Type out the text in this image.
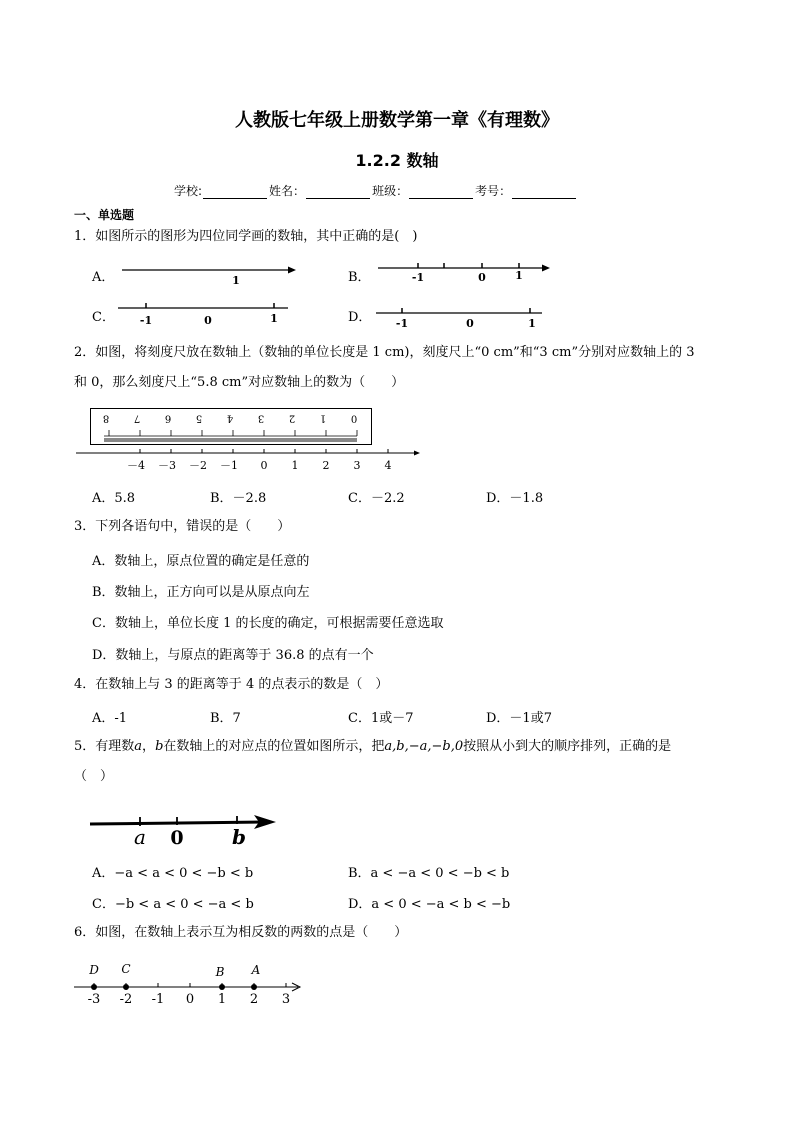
人教版七年级上册数学第一章《有理数》
1.2.2 数轴
学校:	姓名：	班级：	考号：
一、单选题
1．如图所示的图形为四位同学画的数轴，其中正确的是(　)
A．	1	B．	-1	0	1
C． -1	0	1	D． -1	0	1
2．如图，将刻度尺放在数轴上（数轴的单位长度是 1 cm)，刻度尺上“0 cm”和“3 cm”分别对应数轴上的 3
和 0，那么刻度尺上“5.8 cm”对应数轴上的数为（　　）
8 7 6 5 4 3 2 1 0
－4 －3 －2 －1 0 1 2 3 4
A．5.8	B．－2.8	C．－2.2	D．－1.8
3．下列各语句中，错误的是（　　）
A．数轴上，原点位置的确定是任意的
B．数轴上，正方向可以是从原点向左
C．数轴上，单位长度 1 的长度的确定，可根据需要任意选取
D．数轴上，与原点的距离等于 36.8 的点有一个
4．在数轴上与 3 的距离等于 4 的点表示的数是（　）
A．-1	B．7	C．1或－7	D．－1或7
5．有理数a，b在数轴上的对应点的位置如图所示，把a,b,−a,−b,0按照从小到大的顺序排列，正确的是
（　）
a 0 b
A．−a < a < 0 < −b < b	B．a < −a < 0 < −b < b
C．−b < a < 0 < −a < b	D．a < 0 < −a < b < −b
6．如图，在数轴上表示互为相反数的两数的点是（　　）
D C	B A
-3 -2 -1 0 1 2 3
